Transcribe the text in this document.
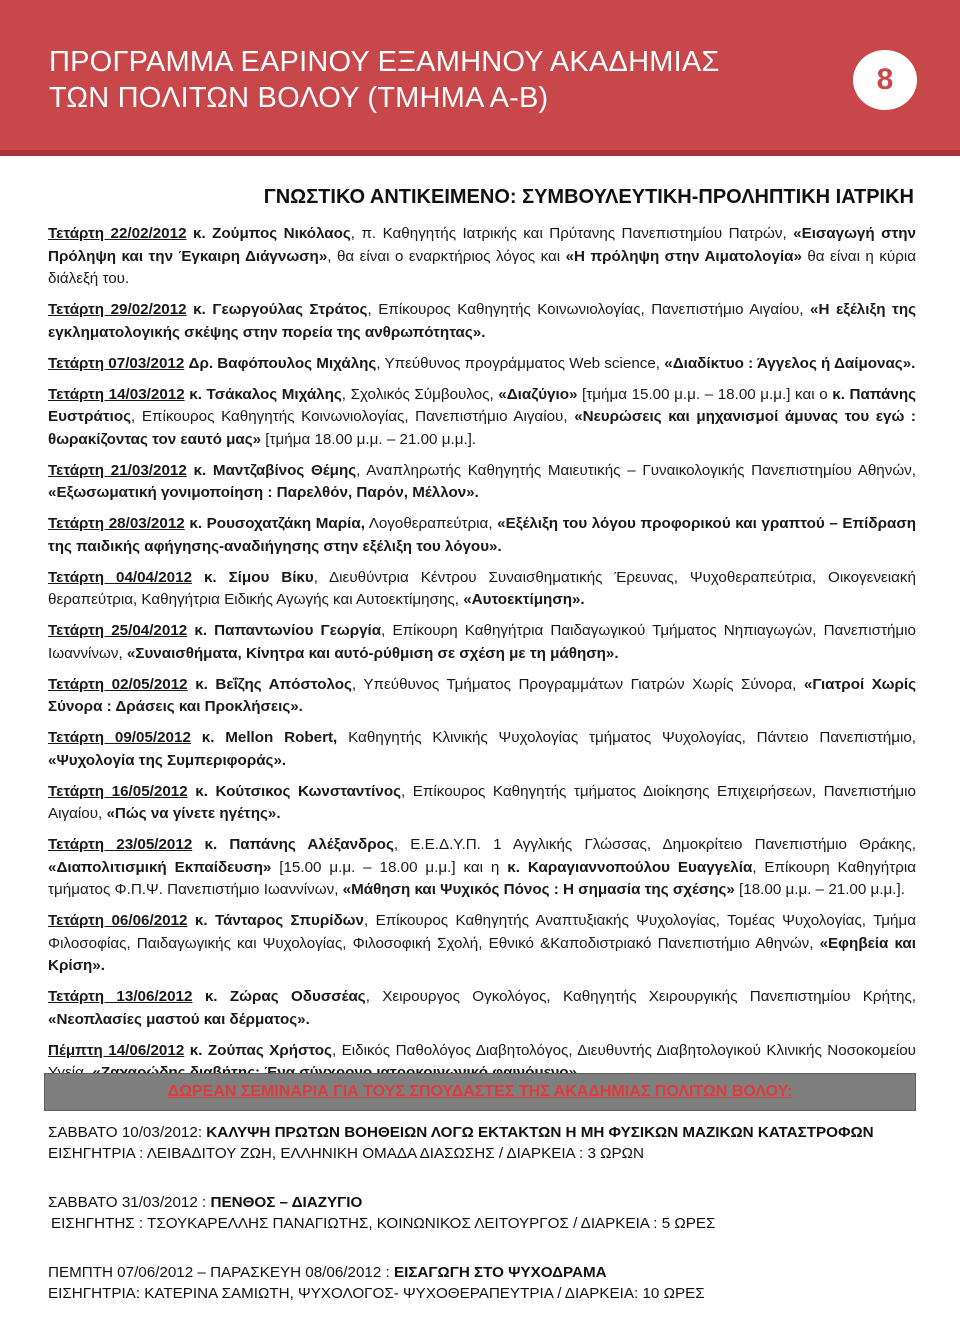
ΠΡΟΓΡΑΜΜΑ ΕΑΡΙΝΟΥ ΕΞΑΜΗΝΟΥ ΑΚΑΔΗΜΙΑΣ
ΤΩΝ ΠΟΛΙΤΩΝ ΒΟΛΟΥ (ΤΜΗΜΑ Α-Β)
8
ΓΝΩΣΤΙΚΟ ΑΝΤΙΚΕΙΜΕΝΟ: ΣΥΜΒΟΥΛΕΥΤΙΚΗ-ΠΡΟΛΗΠΤΙΚΗ ΙΑΤΡΙΚΗ
Τετάρτη 22/02/2012 κ. Ζούμπος Νικόλαος, π. Καθηγητής Ιατρικής και Πρύτανης Πανεπιστημίου Πατρών, «Εισαγωγή στην Πρόληψη και την Έγκαιρη Διάγνωση», θα είναι ο εναρκτήριος λόγος και «Η πρόληψη στην Αιματολογία» θα είναι η κύρια διάλεξή του.
Τετάρτη 29/02/2012 κ. Γεωργούλας Στράτος, Επίκουρος Καθηγητής Κοινωνιολογίας, Πανεπιστήμιο Αιγαίου, «Η εξέλιξη της εγκληματολογικής σκέψης στην πορεία της ανθρωπότητας».
Τετάρτη 07/03/2012 Δρ. Βαφόπουλος Μιχάλης, Υπεύθυνος προγράμματος Web science, «Διαδίκτυο : Άγγελος ή Δαίμονας».
Τετάρτη 14/03/2012 κ. Τσάκαλος Μιχάλης, Σχολικός Σύμβουλος, «Διαζύγιο» [τμήμα 15.00 μ.μ. – 18.00 μ.μ.] και ο κ. Παπάνης Ευστράτιος, Επίκουρος Καθηγητής Κοινωνιολογίας, Πανεπιστήμιο Αιγαίου, «Νευρώσεις και μηχανισμοί άμυνας του εγώ : θωρακίζοντας τον εαυτό μας» [τμήμα 18.00 μ.μ. – 21.00 μ.μ.].
Τετάρτη 21/03/2012 κ. Μαντζαβίνος Θέμης, Αναπληρωτής Καθηγητής Μαιευτικής – Γυναικολογικής Πανεπιστημίου Αθηνών, «Εξωσωματική γονιμοποίηση : Παρελθόν, Παρόν, Μέλλον».
Τετάρτη 28/03/2012 κ. Ρουσοχατζάκη Μαρία, Λογοθεραπεύτρια, «Εξέλιξη του λόγου προφορικού και γραπτού – Επίδραση της παιδικής αφήγησης-αναδιήγησης στην εξέλιξη του λόγου».
Τετάρτη 04/04/2012 κ. Σίμου Βίκυ, Διευθύντρια Κέντρου Συναισθηματικής Έρευνας, Ψυχοθεραπεύτρια, Οικογενειακή θεραπεύτρια, Καθηγήτρια Ειδικής Αγωγής και Αυτοεκτίμησης, «Αυτοεκτίμηση».
Τετάρτη 25/04/2012 κ. Παπαντωνίου Γεωργία, Επίκουρη Καθηγήτρια Παιδαγωγικού Τμήματος Νηπιαγωγών, Πανεπιστήμιο Ιωαννίνων, «Συναισθήματα, Κίνητρα και αυτό-ρύθμιση σε σχέση με τη μάθηση».
Τετάρτη 02/05/2012 κ. Βεΐζης Απόστολος, Υπεύθυνος Τμήματος Προγραμμάτων Γιατρών Χωρίς Σύνορα, «Γιατροί Χωρίς Σύνορα : Δράσεις και Προκλήσεις».
Τετάρτη 09/05/2012 κ. Mellon Robert, Καθηγητής Κλινικής Ψυχολογίας τμήματος Ψυχολογίας, Πάντειο Πανεπιστήμιο, «Ψυχολογία της Συμπεριφοράς».
Τετάρτη 16/05/2012 κ. Κούτσικος Κωνσταντίνος, Επίκουρος Καθηγητής τμήματος Διοίκησης Επιχειρήσεων, Πανεπιστήμιο Αιγαίου, «Πώς να γίνετε ηγέτης».
Τετάρτη 23/05/2012 κ. Παπάνης Αλέξανδρος, Ε.Ε.Δ.Υ.Π. 1 Αγγλικής Γλώσσας, Δημοκρίτειο Πανεπιστήμιο Θράκης, «Διαπολιτισμική Εκπαίδευση» [15.00 μ.μ. – 18.00 μ.μ.] και η κ. Καραγιαννοπούλου Ευαγγελία, Επίκουρη Καθηγήτρια τμήματος Φ.Π.Ψ. Πανεπιστήμιο Ιωαννίνων, «Μάθηση και Ψυχικός Πόνος : Η σημασία της σχέσης» [18.00 μ.μ. – 21.00 μ.μ.].
Τετάρτη 06/06/2012 κ. Τάνταρος Σπυρίδων, Επίκουρος Καθηγητής Αναπτυξιακής Ψυχολογίας, Τομέας Ψυχολογίας, Τμήμα Φιλοσοφίας, Παιδαγωγικής και Ψυχολογίας, Φιλοσοφική Σχολή, Εθνικό &Καποδιστριακό Πανεπιστήμιο Αθηνών, «Εφηβεία και Κρίση».
Τετάρτη 13/06/2012 κ. Ζώρας Οδυσσέας, Χειρουργος Ογκολόγος, Καθηγητής Χειρουργικής Πανεπιστημίου Κρήτης, «Νεοπλασίες μαστού και δέρματος».
Πέμπτη 14/06/2012 κ. Ζούπας Χρήστος, Ειδικός Παθολόγος Διαβητολόγος, Διευθυντής Διαβητολογικού Κλινικής Νοσοκομείου
ΔΩΡΕΑΝ ΣΕΜΙΝΑΡΙΑ ΓΙΑ ΤΟΥΣ ΣΠΟΥΔΑΣΤΕΣ ΤΗΣ ΑΚΑΔΗΜΙΑΣ ΠΟΛΙΤΩΝ ΒΟΛΟΥ:
ΣΑΒΒΑΤΟ 10/03/2012: ΚΑΛΥΨΗ ΠΡΩΤΩΝ ΒΟΗΘΕΙΩΝ ΛΟΓΩ ΕΚΤΑΚΤΩΝ Η ΜΗ ΦΥΣΙΚΩΝ ΜΑΖΙΚΩΝ ΚΑΤΑΣΤΡΟΦΩΝ
ΕΙΣΗΓΗΤΡΙΑ : ΛΕΙΒΑΔΙΤΟΥ ΖΩΗ, ΕΛΛΗΝΙΚΗ ΟΜΑΔΑ ΔΙΑΣΩΣΗΣ / ΔΙΑΡΚΕΙΑ : 3 ΩΡΩΝ
ΣΑΒΒΑΤΟ 31/03/2012 : ΠΕΝΘΟΣ – ΔΙΑΖΥΓΙΟ
ΕΙΣΗΓΗΤΗΣ : ΤΣΟΥΚΑΡΕΛΛΗΣ ΠΑΝΑΓΙΩΤΗΣ, ΚΟΙΝΩΝΙΚΟΣ ΛΕΙΤΟΥΡΓΟΣ / ΔΙΑΡΚΕΙΑ : 5 ΩΡΕΣ
ΠΕΜΠΤΗ 07/06/2012 – ΠΑΡΑΣΚΕΥΗ 08/06/2012 : ΕΙΣΑΓΩΓΗ ΣΤΟ ΨΥΧΟΔΡΑΜΑ
ΕΙΣΗΓΗΤΡΙΑ: ΚΑΤΕΡΙΝΑ ΣΑΜΙΩΤΗ, ΨΥΧΟΛΟΓΟΣ- ΨΥΧΟΘΕΡΑΠΕΥΤΡΙΑ / ΔΙΑΡΚΕΙΑ: 10 ΩΡΕΣ
